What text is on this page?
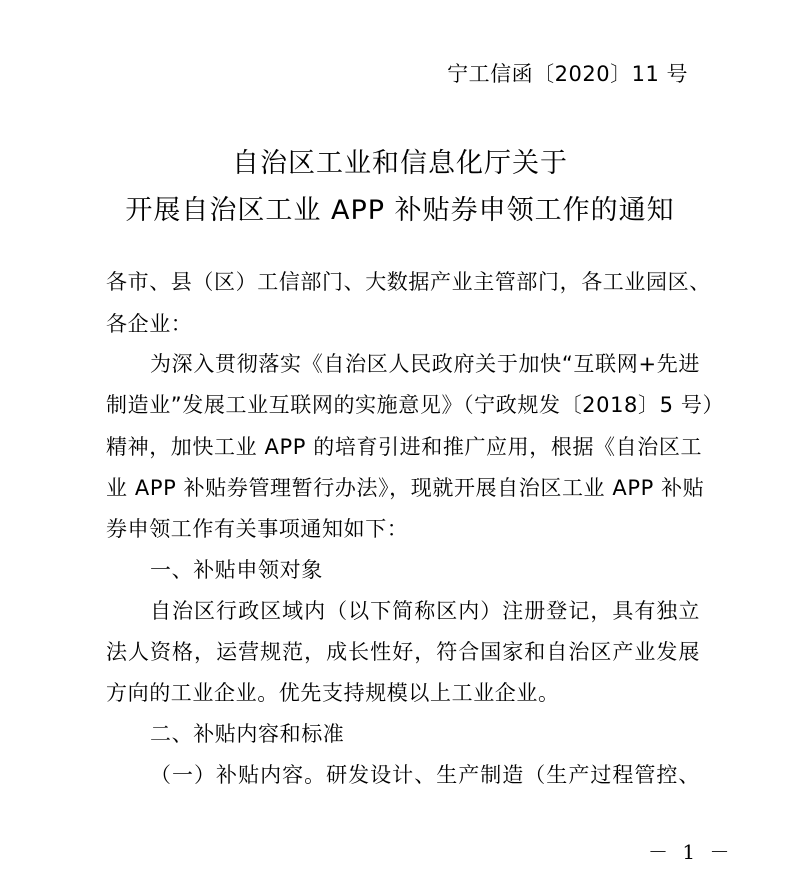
宁工信函〔2020〕11 号
自治区工业和信息化厅关于
开展自治区工业 APP 补贴券申领工作的通知
各市、县（区）工信部门、大数据产业主管部门，各工业园区、
各企业：
为深入贯彻落实《自治区人民政府关于加快“互联网+先进
制造业”发展工业互联网的实施意见》（宁政规发〔2018〕5 号）
精神，加快工业 APP 的培育引进和推广应用，根据《自治区工
业 APP 补贴券管理暂行办法》，现就开展自治区工业 APP 补贴
券申领工作有关事项通知如下：
一、补贴申领对象
自治区行政区域内（以下简称区内）注册登记，具有独立
法人资格，运营规范，成长性好，符合国家和自治区产业发展
方向的工业企业。优先支持规模以上工业企业。
二、补贴内容和标准
（一）补贴内容。研发设计、生产制造（生产过程管控、
－ 1 －
